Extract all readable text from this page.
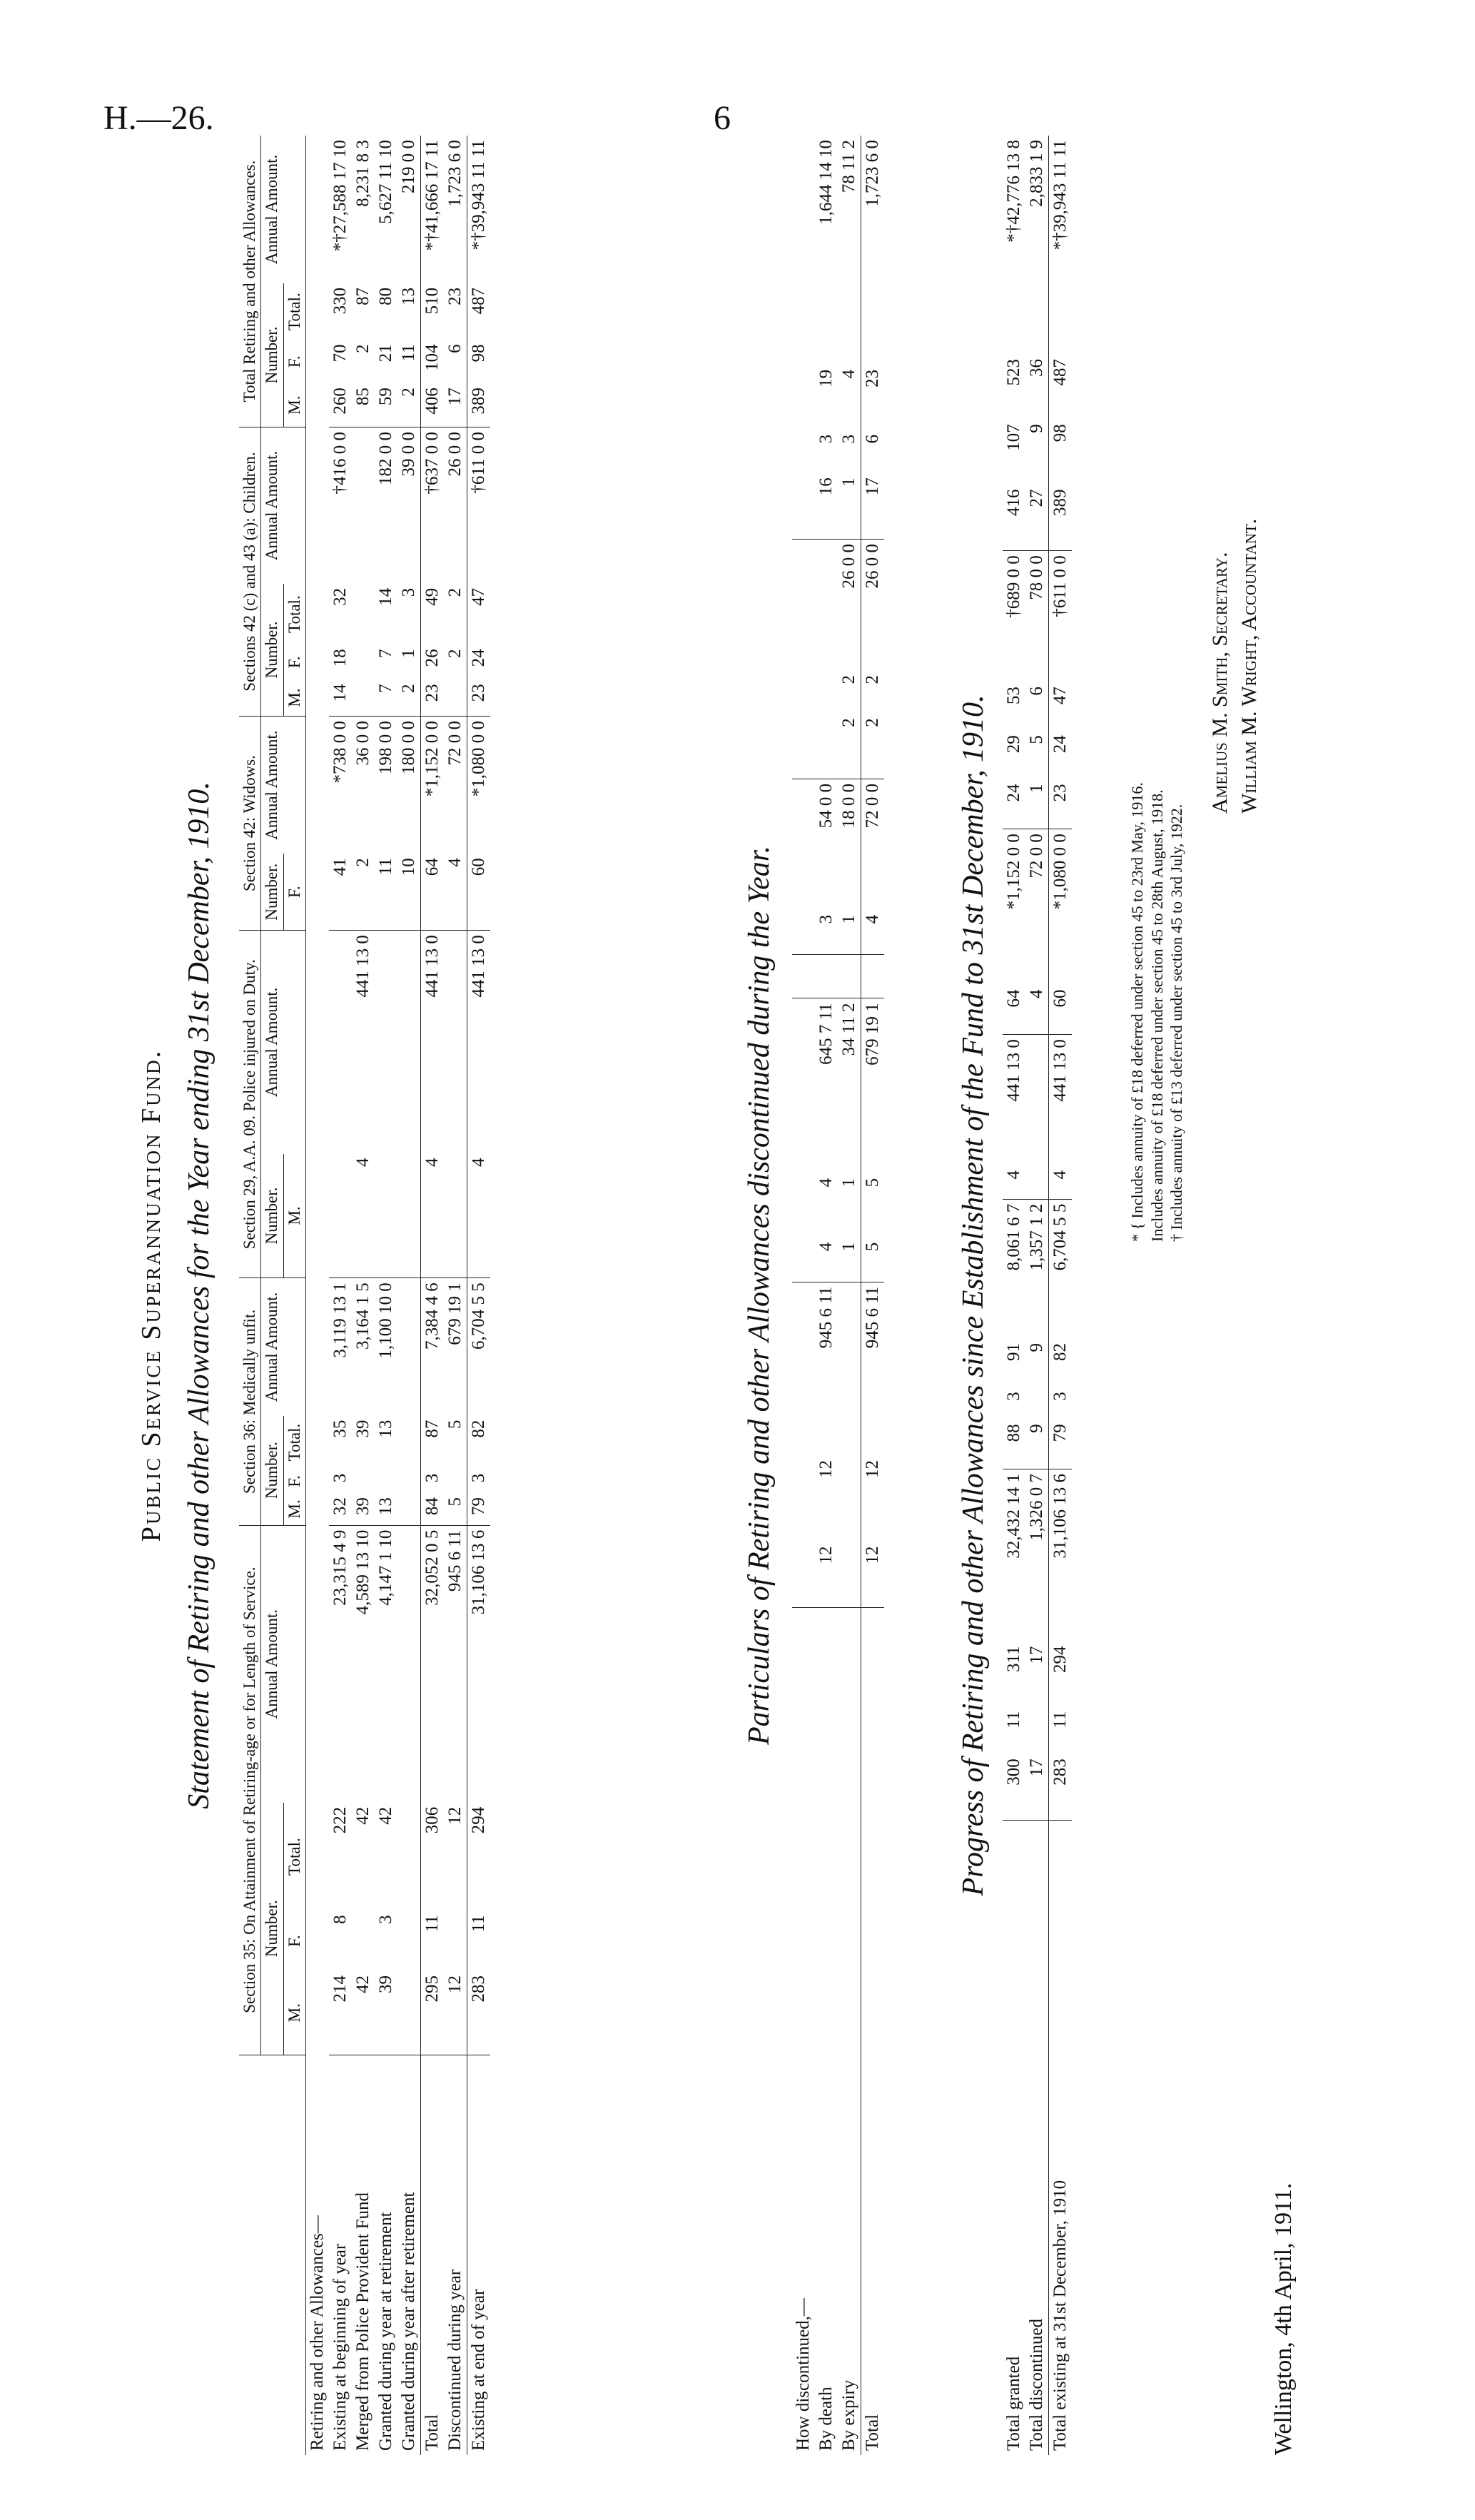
H.—26.	6
Public Service Superannuation Fund. Statement of Retiring and other Allowances for the Year ending 31st December, 1910.
	Section 35: On Attainment of Retiring-age or for Length of Service.				Section 36: Medically unfit.				Section 29, A.A. 09. Police injured on Duty.		Section 42: Widows.		Sections 42 (c) and 43 (a): Children.				Total Retiring and other Allowances.			
	Number.			Annual Amount.	Number.			Annual Amount.	Number.	Annual Amount.	Number.	Annual Amount.	Number.			Annual Amount.	Number.			Annual Amount.
	M.	F.	Total.		M.	F.	Total.		M.		F.		M.	F.	Total.		M.	F.	Total.	
Retiring and other Allowances—																				
Existing at beginning of year	214	8	222	23,315 4 9	32	3	35	3,119 13 1			41	*738 0 0	14	18	32	†416 0 0	260	70	330	*†27,588 17 10
Merged from Police Provident Fund	42		42	4,589 13 10	39		39	3,164 1 5	4	441 13 0	2	36 0 0					85	2	87	8,231 8 3
Granted during year at retirement	39	3	42	4,147 1 10	13		13	1,100 10 0			11	198 0 0	7	7	14	182 0 0	59	21	80	5,627 11 10
Granted during year after retirement											10	180 0 0	2	1	3	39 0 0	2	11	13	219 0 0
Total	295	11	306	32,052 0 5	84	3	87	7,384 4 6	4	441 13 0	64	*1,152 0 0	23	26	49	†637 0 0	406	104	510	*†41,666 17 11
Discontinued during year	12		12	945 6 11	5		5	679 19 1			4	72 0 0		2	2	26 0 0	17	6	23	1,723 6 0
Existing at end of year	283	11	294	31,106 13 6	79	3	82	6,704 5 5	4	441 13 0	60	*1,080 0 0	23	24	47	†611 0 0	389	98	487	*†39,943 11 11
Particulars of Retiring and other Allowances discontinued during the Year.
How discontinued,—																				
By death	12		12	945 6 11	4		4	645 7 11			3	54 0 0					16	3	19	1,644 14 10
By expiry					1		1	34 11 2			1	18 0 0		2	2	26 0 0	1	3	4	78 11 2
Total	12		12	945 6 11	5		5	679 19 1			4	72 0 0		2	2	26 0 0	17	6	23	1,723 6 0
Progress of Retiring and other Allowances since Establishment of the Fund to 31st December, 1910.
Total granted	300	11	311	32,432 14 1	88	3	91	8,061 6 7	4	441 13 0	64	*1,152 0 0	24	29	53	†689 0 0	416	107	523	*†42,776 13 8
Total discontinued	17		17	1,326 0 7	9		9	1,357 1 2			4	72 0 0	1	5	6	78 0 0	27	9	36	2,833 1 9
Total existing at 31st December, 1910	283	11	294	31,106 13 6	79	3	82	6,704 5 5	4	441 13 0	60	*1,080 0 0	23	24	47	†611 0 0	389	98	487	*†39,943 11 11
* { Includes annuity of £18 deferred under section 45 to 23rd May, 1916. Includes annuity of £18 deferred under section 45 to 28th August, 1918. † Includes annuity of £13 deferred under section 45 to 3rd July, 1922.
Amelius M. Smith, Secretary. William M. Wright, Accountant.
Wellington, 4th April, 1911.
